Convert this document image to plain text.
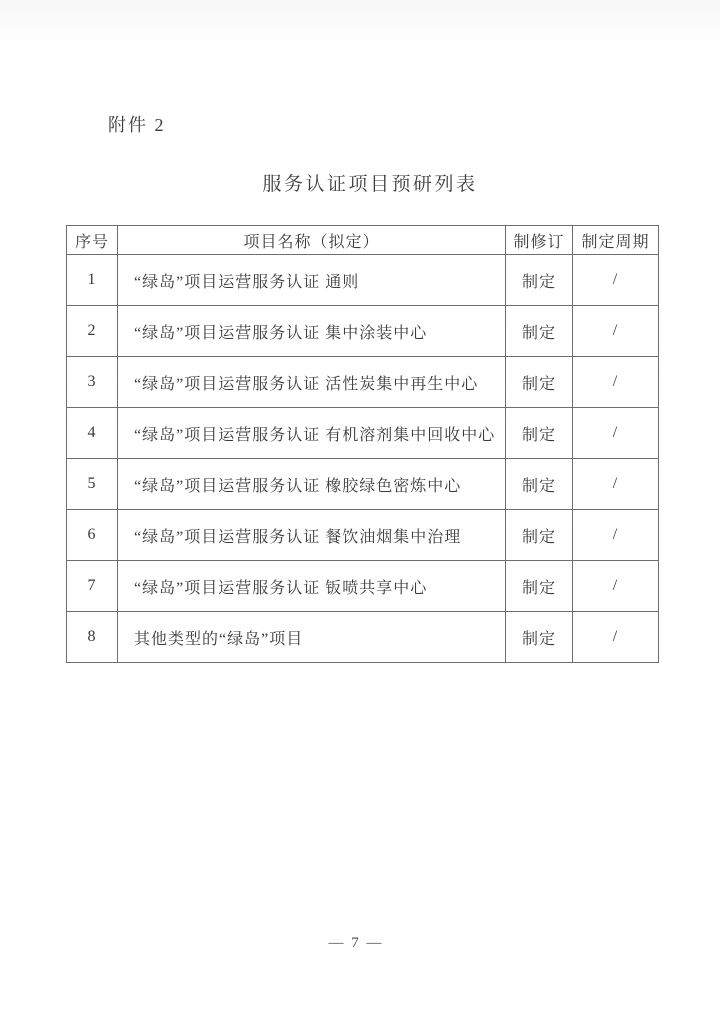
附件 2
服务认证项目预研列表
序号	项目名称（拟定）	制修订	制定周期
1	“绿岛”项目运营服务认证 通则	制定	/
2	“绿岛”项目运营服务认证 集中涂装中心	制定	/
3	“绿岛”项目运营服务认证 活性炭集中再生中心	制定	/
4	“绿岛”项目运营服务认证 有机溶剂集中回收中心	制定	/
5	“绿岛”项目运营服务认证 橡胶绿色密炼中心	制定	/
6	“绿岛”项目运营服务认证 餐饮油烟集中治理	制定	/
7	“绿岛”项目运营服务认证 钣喷共享中心	制定	/
8	其他类型的“绿岛”项目	制定	/
— 7 —
